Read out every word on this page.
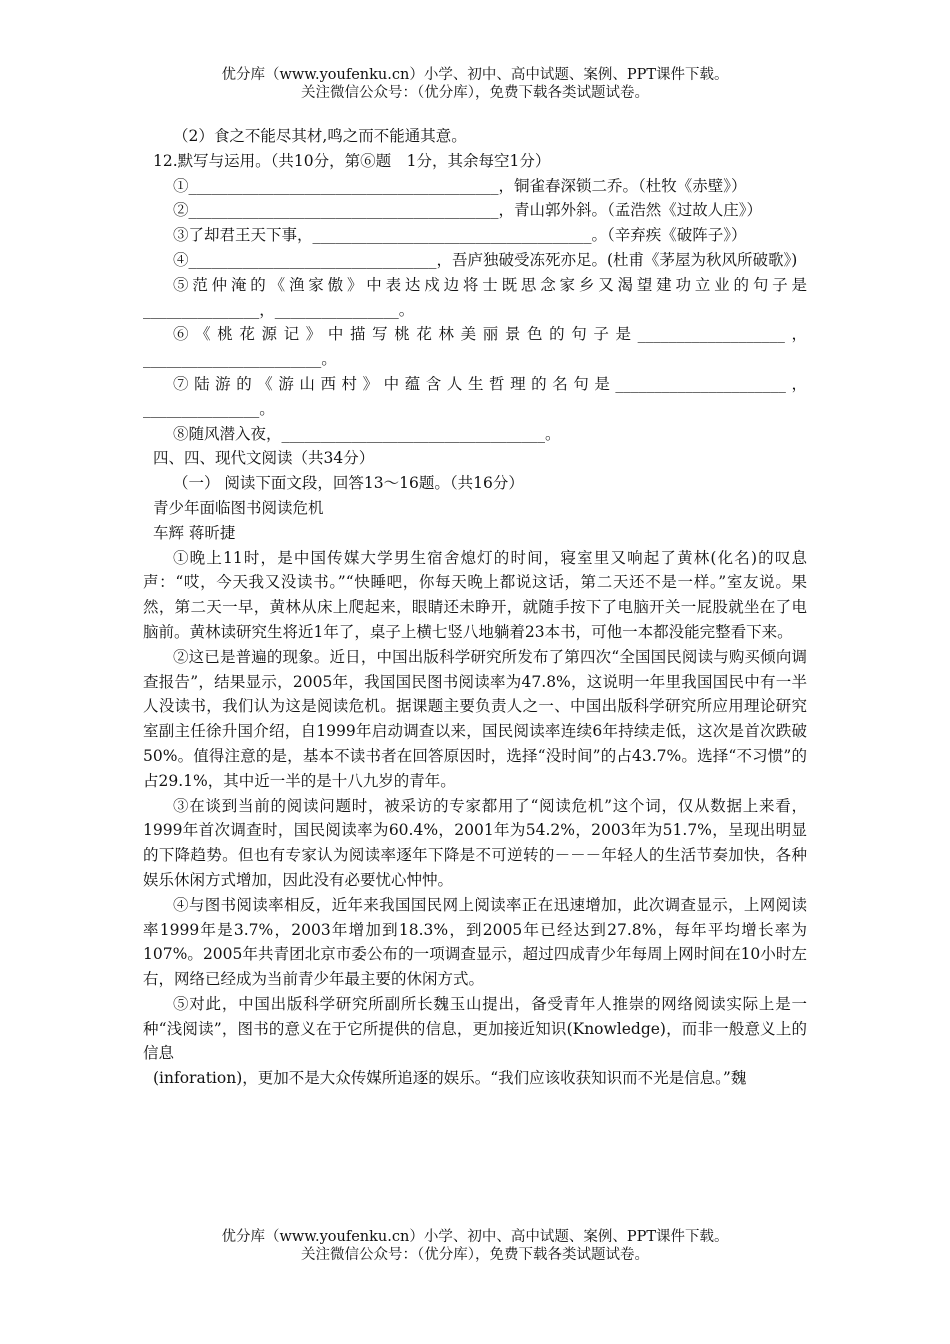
优分库（www.youfenku.cn）小学、初中、高中试题、案例、PPT课件下载。
关注微信公众号：（优分库），免费下载各类试题试卷。

（2）食之不能尽其材,鸣之而不能通其意。

12.默写与运用。（共10分，第⑥题　1分，其余每空1分）

①________________________________________，铜雀春深锁二乔。（杜牧《赤壁》）

②________________________________________，青山郭外斜。（孟浩然《过故人庄》）

③了却君王天下事，____________________________________。（辛弃疾《破阵子》）

④________________________________，吾庐独破受冻死亦足。(杜甫《茅屋为秋风所破歌》)

⑤范仲淹的《渔家傲》中表达戍边将士既思念家乡又渴望建功立业的句子是_______________，________________。

⑥《桃花源记》中描写桃花林美丽景色的句子是___________________，_______________________。

⑦陆游的《游山西村》中蕴含人生哲理的名句是______________________，_______________。

⑧随风潜入夜，__________________________________。

四、四、现代文阅读（共34分）

（一） 阅读下面文段，回答13～16题。（共16分）

青少年面临图书阅读危机

车辉 蒋昕捷

①晚上11时，是中国传媒大学男生宿舍熄灯的时间，寝室里又响起了黄林(化名)的叹息声：“哎，今天我又没读书。”“快睡吧，你每天晚上都说这话，第二天还不是一样。”室友说。果然，第二天一早，黄林从床上爬起来，眼睛还未睁开，就随手按下了电脑开关一屁股就坐在了电脑前。黄林读研究生将近1年了，桌子上横七竖八地躺着23本书，可他一本都没能完整看下来。

②这已是普遍的现象。近日，中国出版科学研究所发布了第四次“全国国民阅读与购买倾向调查报告”，结果显示，2005年，我国国民图书阅读率为47.8%，这说明一年里我国国民中有一半人没读书，我们认为这是阅读危机。据课题主要负责人之一、中国出版科学研究所应用理论研究室副主任徐升国介绍，自1999年启动调查以来，国民阅读率连续6年持续走低，这次是首次跌破50%。值得注意的是，基本不读书者在回答原因时，选择“没时间”的占43.7%。选择“不习惯”的占29.1%，其中近一半的是十八九岁的青年。

③在谈到当前的阅读问题时，被采访的专家都用了“阅读危机”这个词，仅从数据上来看，1999年首次调查时，国民阅读率为60.4%，2001年为54.2%，2003年为51.7%，呈现出明显的下降趋势。但也有专家认为阅读率逐年下降是不可逆转的－－－年轻人的生活节奏加快，各种娱乐休闲方式增加，因此没有必要忧心忡忡。

④与图书阅读率相反，近年来我国国民网上阅读率正在迅速增加，此次调查显示，上网阅读率1999年是3.7%，2003年增加到18.3%，到2005年已经达到27.8%，每年平均增长率为107%。2005年共青团北京市委公布的一项调查显示，超过四成青少年每周上网时间在10小时左右，网络已经成为当前青少年最主要的休闲方式。

⑤对此，中国出版科学研究所副所长魏玉山提出，备受青年人推崇的网络阅读实际上是一种“浅阅读”，图书的意义在于它所提供的信息，更加接近知识(Knowledge)，而非一般意义上的信息

(inforation)，更加不是大众传媒所追逐的娱乐。“我们应该收获知识而不光是信息。”魏

优分库（www.youfenku.cn）小学、初中、高中试题、案例、PPT课件下载。
关注微信公众号：（优分库），免费下载各类试题试卷。
